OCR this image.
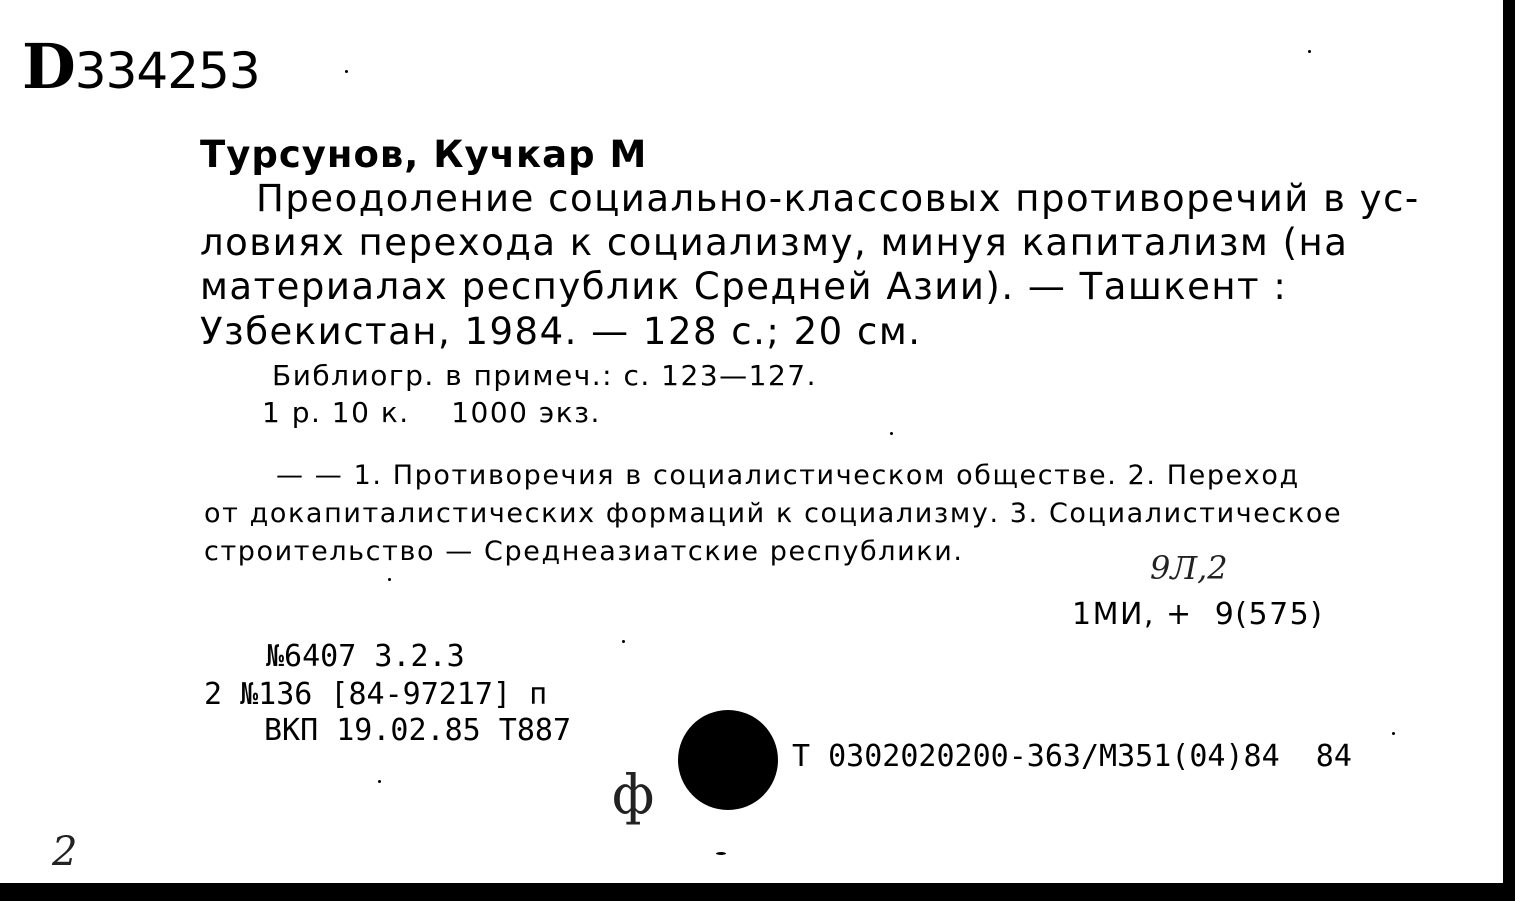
D334253
Турсунов, Кучкар М
Преодоление социально-классовых противоречий в ус-
ловиях перехода к социализму, минуя капитализм (на
материалах республик Средней Азии). — Ташкент :
Узбекистан, 1984. — 128 с.; 20 см.
Библиогр. в примеч.: с. 123—127.
1 р. 10 к.    1000 экз.
— — 1. Противоречия в социалистическом обществе. 2. Переход
от докапиталистических формаций к социализму. 3. Социалистическое
строительство — Среднеазиатские республики.	9Л,2
1МИ, +  9(575)
№6407 3.2.3
2 №136 [84-97217] п
ВКП 19.02.85 Т887
Т 0302020200-363/М351(04)84  84
ф
2
